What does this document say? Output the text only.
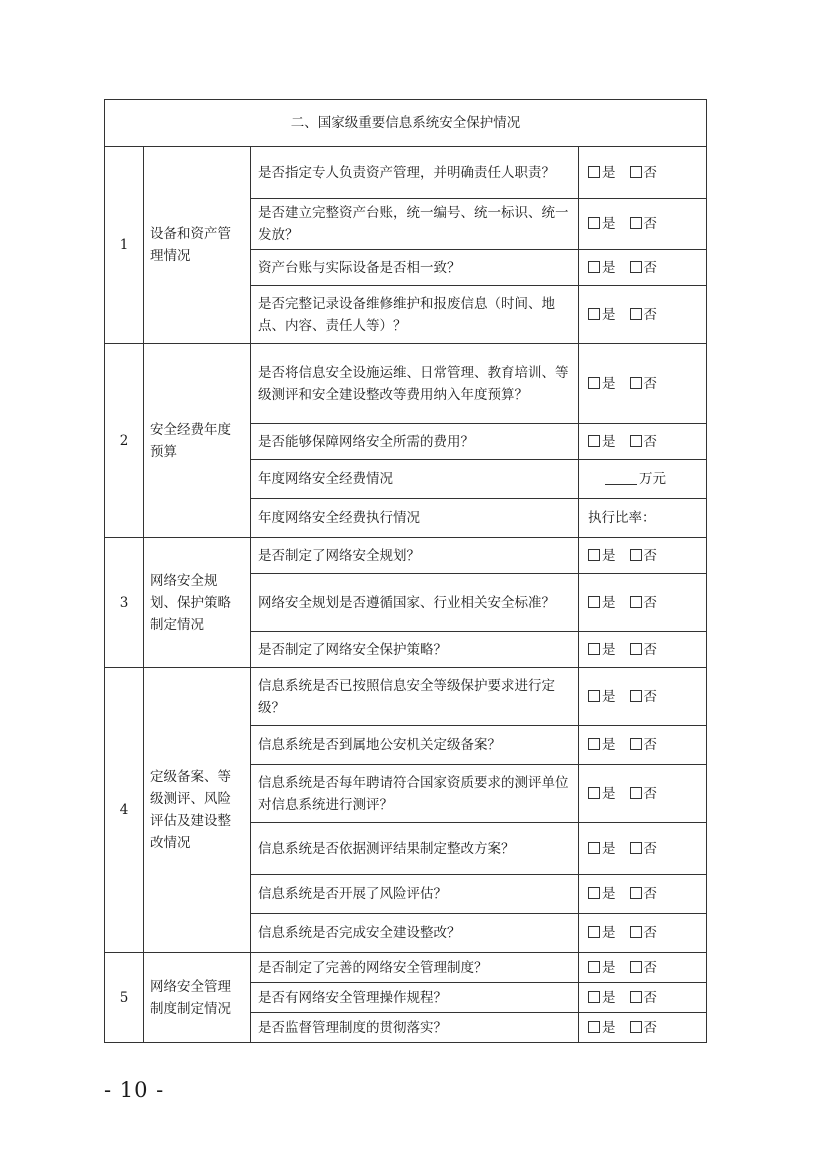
二、国家级重要信息系统安全保护情况			
1	设备和资产管理情况	是否指定专人负责资产管理，并明确责任人职责？	是 否
		是否建立完整资产台账，统一编号、统一标识、统一发放？	是 否
		资产台账与实际设备是否相一致？	是 否
		是否完整记录设备维修维护和报废信息（时间、地点、内容、责任人等）？	是 否
2	安全经费年度预算	是否将信息安全设施运维、日常管理、教育培训、等级测评和安全建设整改等费用纳入年度预算？	是 否
		是否能够保障网络安全所需的费用？	是 否
		年度网络安全经费情况	万元
		年度网络安全经费执行情况	执行比率：
3	网络安全规划、保护策略制定情况	是否制定了网络安全规划？	是 否
		网络安全规划是否遵循国家、行业相关安全标准？	是 否
		是否制定了网络安全保护策略？	是 否
4	定级备案、等级测评、风险评估及建设整改情况	信息系统是否已按照信息安全等级保护要求进行定级？	是 否
		信息系统是否到属地公安机关定级备案？	是 否
		信息系统是否每年聘请符合国家资质要求的测评单位对信息系统进行测评？	是 否
		信息系统是否依据测评结果制定整改方案？	是 否
		信息系统是否开展了风险评估？	是 否
		信息系统是否完成安全建设整改？	是 否
5	网络安全管理制度制定情况	是否制定了完善的网络安全管理制度？	是 否
		是否有网络安全管理操作规程？	是 否
		是否监督管理制度的贯彻落实？	是 否
- 10 -
